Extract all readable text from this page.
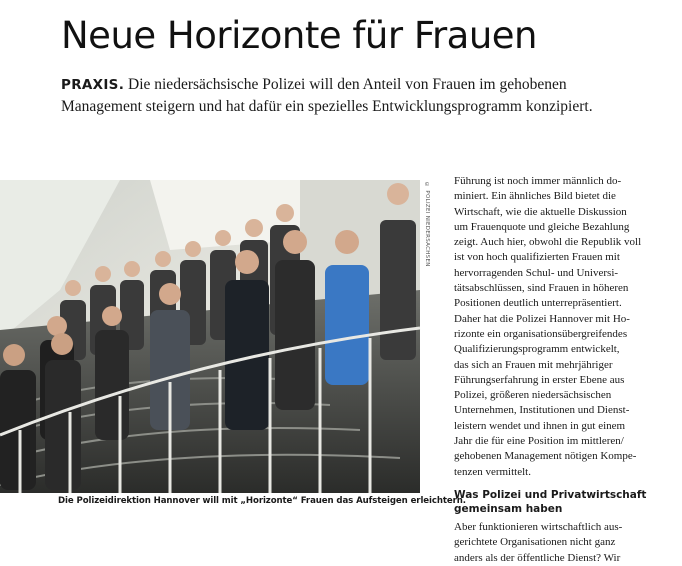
Neue Horizonte für Frauen

PRAXIS. Die niedersächsische Polizei will den Anteil von Frauen im gehobenen Management steigern und hat dafür ein spezielles Entwicklungsprogramm konzipiert.

© POLIZEI NIEDERSACHSEN

Die Polizeidirektion Hannover will mit „Horizonte“ Frauen das Aufsteigen erleichtern.

Führung ist noch immer männlich do-
miniert. Ein ähnliches Bild bietet die
Wirtschaft, wie die aktuelle Diskussion
um Frauenquote und gleiche Bezahlung
zeigt. Auch hier, obwohl die Republik voll
ist von hoch qualifizierten Frauen mit
hervorragenden Schul- und Universi-
tätsabschlüssen, sind Frauen in höheren
Positionen deutlich unterrepräsentiert.
Daher hat die Polizei Hannover mit Ho-
rizonte ein organisationsübergreifendes
Qualifizierungsprogramm entwickelt,
das sich an Frauen mit mehrjähriger
Führungserfahrung in erster Ebene aus
Polizei, größeren niedersächsischen
Unternehmen, Institutionen und Dienst-
leistern wendet und ihnen in gut einem
Jahr die für eine Position im mittleren/
gehobenen Management nötigen Kompe-
tenzen vermittelt.
Was Polizei und Privatwirtschaft
gemeinsam haben
Aber funktionieren wirtschaftlich aus-
gerichtete Organisationen nicht ganz
anders als der öffentliche Dienst? Wir
